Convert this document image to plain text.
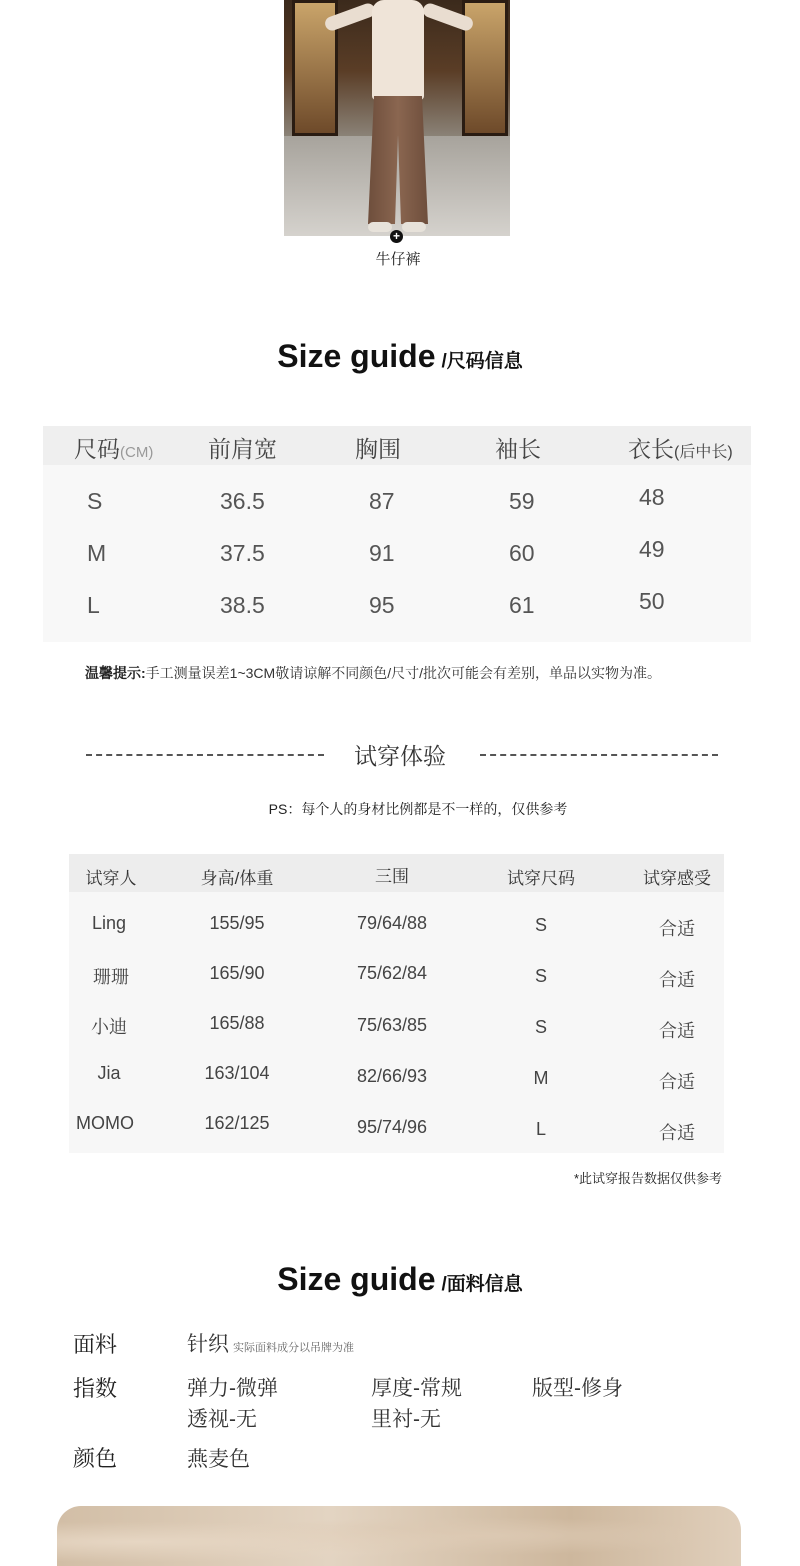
+
牛仔裤
Size guide /尺码信息
尺码(CM) 前肩宽	胸围	袖长	衣长(后中长)
S	36.5	87	59	48
M	37.5	91	60	49
L	38.5	95	61	50
温馨提示:手工测量误差1~3CM敬请谅解不同颜色/尺寸/批次可能会有差别，单品以实物为准。
试穿体验
PS：每个人的身材比例都是不一样的，仅供参考
试穿人	身高/体重	三围	试穿尺码	试穿感受
Ling	155/95	79/64/88	S	合适
珊珊	165/90	75/62/84	S	合适
小迪	165/88	75/63/85	S	合适
Jia	163/104	82/66/93	M	合适
MOMO	162/125	95/74/96	L	合适
*此试穿报告数据仅供参考
Size guide /面料信息
面料	针织 实际面料成分以吊牌为准
指数	弹力-微弹	厚度-常规	版型-修身
透视-无	里衬-无
颜色	燕麦色
